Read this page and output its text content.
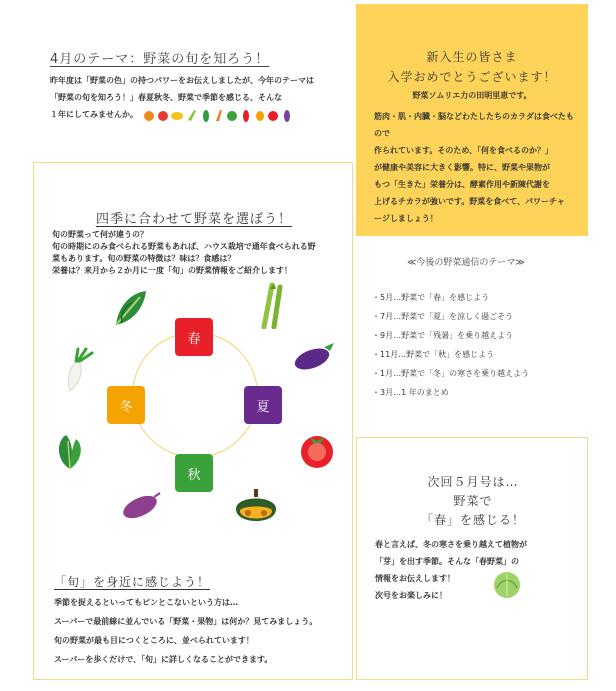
4月のテーマ：野菜の旬を知ろう！
昨年度は「野菜の色」の持つパワーをお伝えしましたが、今年のテーマは
「野菜の旬を知ろう！」春夏秋冬、野菜で季節を感じる、そんな
１年にしてみませんか。
新入生の皆さま
入学おめでとうございます！
野菜ソムリエ力の田明里恵です。
筋肉・肌・内臓・脳などわたしたちのカラダは食べたもので
作られています。そのため、「何を食べるのか？」
が健康や美容に大きく影響。特に、野菜や果物が
もつ「生きた」栄養分は、酵素作用や新陳代謝を
上げるチカラが強いです。野菜を食べて、パワーチャ
ージしましょう！
四季に合わせて野菜を選ぼう！
旬の野菜って何が違うの？
旬の時期にのみ食べられる野菜もあれば、ハウス栽培で通年食べられる野
菜もあります。旬の野菜の特徴は？味は？食感は？
栄養は？来月から２か月に一度「旬」の野菜情報をご紹介します！
春
夏
秋
冬
「旬」を身近に感じよう！
季節を捉えるといってもピンとこないという方は…
スーパーで最前線に並んでいる「野菜・果物」は何か？見てみましょう。
旬の野菜が最も目につくところに、並べられています！
スーパーを歩くだけで、「旬」に詳しくなることができます。
≪今後の野菜通信のテーマ≫
・5月…野菜で「春」を感じよう
・7月…野菜で「夏」を涼しく過ごそう
・9月…野菜で「残暑」を乗り越えよう
・11月…野菜で「秋」を感じよう
・1月…野菜で「冬」の寒さを乗り越えよう
・3月…1 年のまとめ
次回５月号は…
野菜で
「春」を感じる！
春と言えば、冬の寒さを乗り越えて植物が
「芽」を出す季節。そんな「春野菜」の
情報をお伝えします！
次号をお楽しみに！
